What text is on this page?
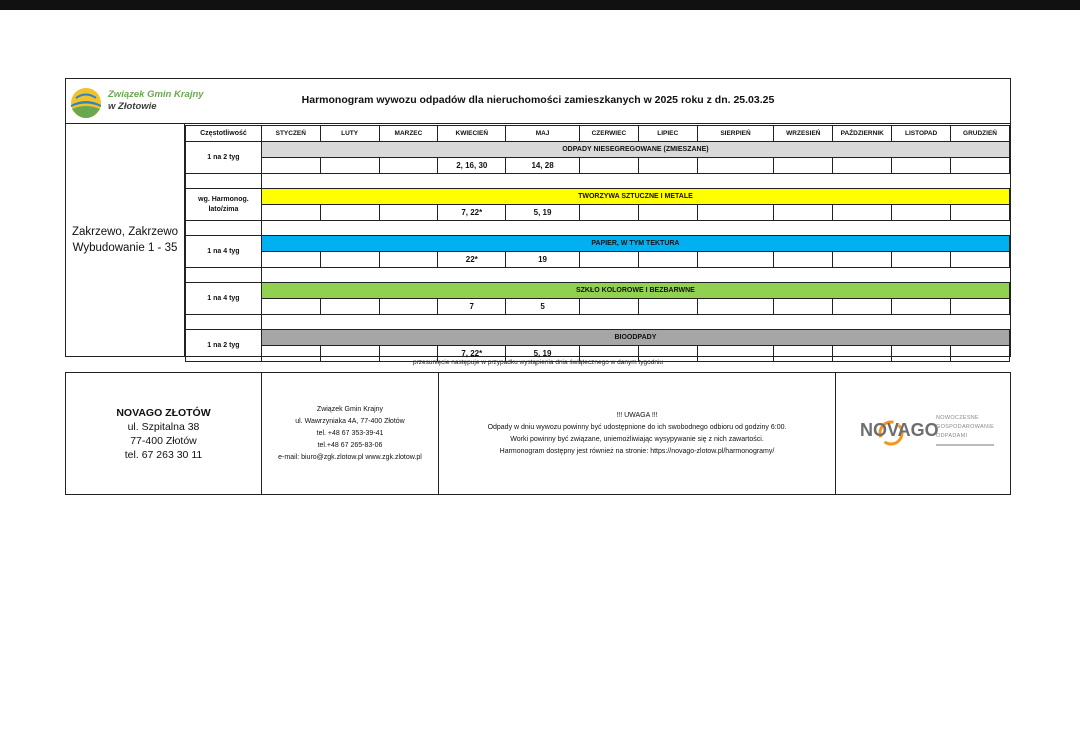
Związek Gmin Krajny
w Złotowie
Harmonogram wywozu odpadów dla nieruchomości zamieszkanych w 2025 roku z dn. 25.03.25
Zakrzewo, Zakrzewo
Wybudowanie 1 - 35
Częstotliwość	STYCZEŃ	LUTY	MARZEC	KWIECIEŃ	MAJ	CZERWIEC	LIPIEC	SIERPIEŃ	WRZESIEŃ	PAŹDZIERNIK	LISTOPAD	GRUDZIEŃ
1 na 2 tyg	ODPADY NIESEGREGOWANE (ZMIESZANE)											
				2, 16, 30	14, 28							

wg. Harmonog. lato/zima	TWORZYWA SZTUCZNE I METALE											
				7, 22*	5, 19							

1 na 4 tyg	PAPIER, W TYM TEKTURA											
				22*	19							

1 na 4 tyg	SZKŁO KOLOROWE I BEZBARWNE											
				7	5							

1 na 2 tyg	BIOODPADY											
				7, 22*	5, 19							
przesunięcie następuje w przypadku wystąpienia dnia świątecznego w danym tygodniu
NOVAGO ZŁOTÓW
ul. Szpitalna 38
77-400 Złotów
tel. 67 263 30 11
Związek Gmin Krajny
ul. Wawrzyniaka 4A, 77-400 Złotów
tel. +48 67 353-39-41
tel.+48 67 265-83-06
e-mail: biuro@zgk.zlotow.pl www.zgk.zlotow.pl
!!! UWAGA !!!
Odpady w dniu wywozu powinny być udostępnione do ich swobodnego odbioru od godziny 6:00.
Worki powinny być związane, uniemożliwiając wysypywanie się z nich zawartości.
Harmonogram dostępny jest również na stronie: https://novago-zlotow.pl/harmonogramy/
NOVAGO
NOWOCZESNE
GOSPODAROWANIE
ODPADAMI
